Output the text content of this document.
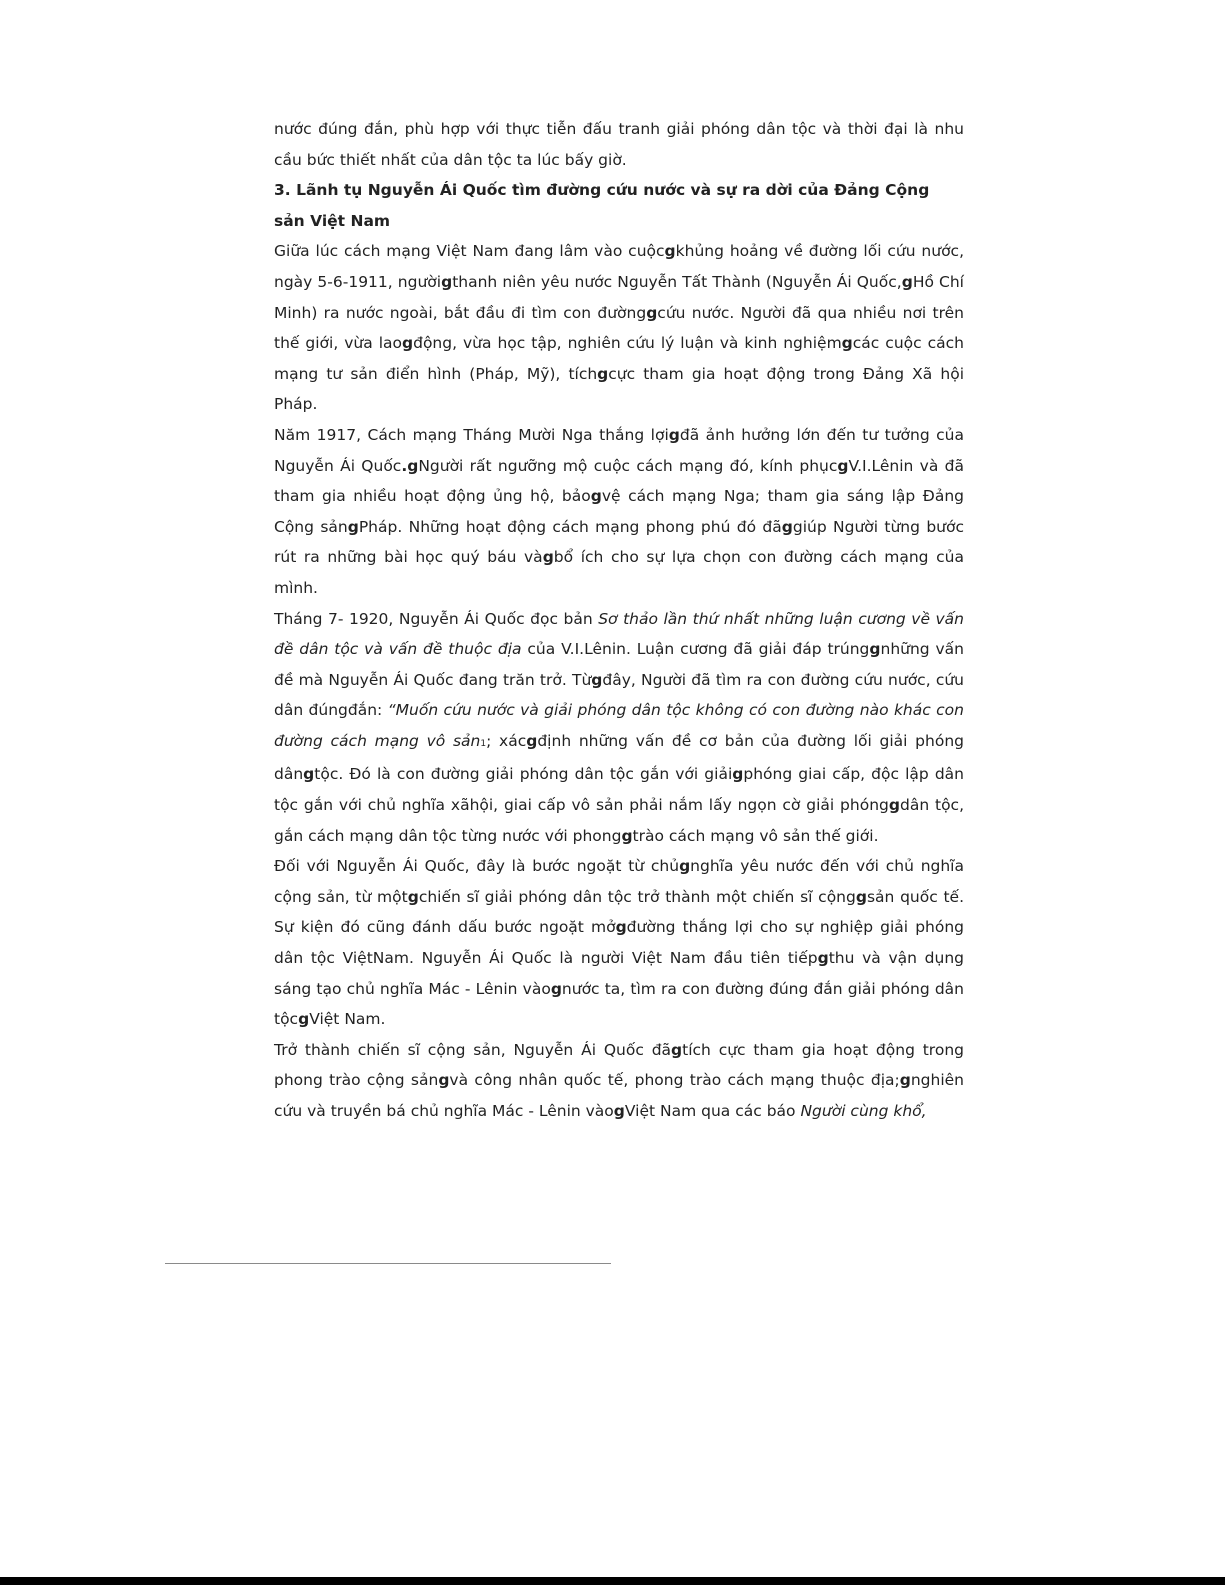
nước đúng đắn, phù hợp với thực tiễn đấu tranh giải phóng dân tộc và thời đại là nhu cầu bức thiết nhất của dân tộc ta lúc bấy giờ.

3. Lãnh tụ Nguyễn Ái Quốc tìm đường cứu nước và sự ra dời của Đảng Cộng sản Việt Nam

Giữa lúc cách mạng Việt Nam đang lâm vào cuộcgkhủng hoảng về đường lối cứu nước, ngày 5-6-1911, ngườigthanh niên yêu nước Nguyễn Tất Thành (Nguyễn Ái Quốc,gHồ Chí Minh) ra nước ngoài, bắt đầu đi tìm con đườnggcứu nước. Người đã qua nhiều nơi trên thế giới, vừa laogđộng, vừa học tập, nghiên cứu lý luận và kinh nghiệmgcác cuộc cách mạng tư sản điển hình (Pháp, Mỹ), tíchgcực tham gia hoạt động trong Đảng Xã hội Pháp.

Năm 1917, Cách mạng Tháng Mười Nga thắng lợigđã ảnh hưởng lớn đến tư tưởng của Nguyễn Ái Quốc.gNgười rất ngưỡng mộ cuộc cách mạng đó, kính phụcgV.I.Lênin và đã tham gia nhiều hoạt động ủng hộ, bảogvệ cách mạng Nga; tham gia sáng lập Đảng Cộng sảngPháp. Những hoạt động cách mạng phong phú đó đãggiúp Người từng bước rút ra những bài học quý báu vàgbổ ích cho sự lựa chọn con đường cách mạng của mình.

Tháng 7- 1920, Nguyễn Ái Quốc đọc bản Sơ thảo lần thứ nhất những luận cương về vấn đề dân tộc và vấn đề thuộc địa của V.I.Lênin. Luận cương đã giải đáp trúnggnhững vấn đề mà Nguyễn Ái Quốc đang trăn trở. Từgđây, Người đã tìm ra con đường cứu nước, cứu dân đúngđắn: “Muốn cứu nước và giải phóng dân tộc không có con đường nào khác con đường cách mạng vô sản1; xácgđịnh những vấn đề cơ bản của đường lối giải phóng dângtộc. Đó là con đường giải phóng dân tộc gắn với giảigphóng giai cấp, độc lập dân tộc gắn với chủ nghĩa xãhội, giai cấp vô sản phải nắm lấy ngọn cờ giải phónggdân tộc, gắn cách mạng dân tộc từng nước với phonggtrào cách mạng vô sản thế giới.

Đối với Nguyễn Ái Quốc, đây là bước ngoặt từ chủgnghĩa yêu nước đến với chủ nghĩa cộng sản, từ mộtgchiến sĩ giải phóng dân tộc trở thành một chiến sĩ cộnggsản quốc tế. Sự kiện đó cũng đánh dấu bước ngoặt mởgđường thắng lợi cho sự nghiệp giải phóng dân tộc ViệtNam. Nguyễn Ái Quốc là người Việt Nam đầu tiên tiếpgthu và vận dụng sáng tạo chủ nghĩa Mác - Lênin vàognước ta, tìm ra con đường đúng đắn giải phóng dân tộcgViệt Nam.

Trở thành chiến sĩ cộng sản, Nguyễn Ái Quốc đãgtích cực tham gia hoạt động trong phong trào cộng sảngvà công nhân quốc tế, phong trào cách mạng thuộc địa;gnghiên cứu và truyền bá chủ nghĩa Mác - Lênin vàogViệt Nam qua các báo Người cùng khổ,
